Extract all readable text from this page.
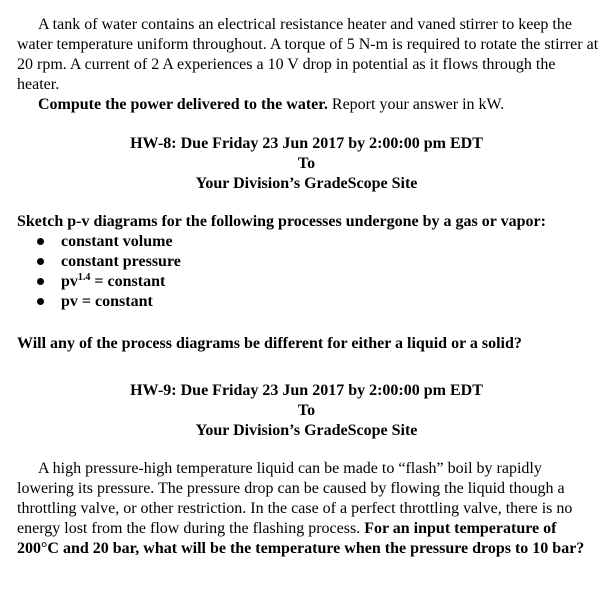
A tank of water contains an electrical resistance heater and vaned stirrer to keep the water temperature uniform throughout. A torque of 5 N-m is required to rotate the stirrer at 20 rpm. A current of 2 A experiences a 10 V drop in potential as it flows through the heater.

Compute the power delivered to the water. Report your answer in kW.

HW-8: Due Friday 23 Jun 2017 by 2:00:00 pm EDT
To
Your Division’s GradeScope Site

Sketch p-v diagrams for the following processes undergone by a gas or vapor:

constant volume
constant pressure
$pv^{1.4}$ = constant
pv = constant

Will any of the process diagrams be different for either a liquid or a solid?

HW-9: Due Friday 23 Jun 2017 by 2:00:00 pm EDT
To
Your Division’s GradeScope Site

A high pressure-high temperature liquid can be made to “flash” boil by rapidly lowering its pressure. The pressure drop can be caused by flowing the liquid though a throttling valve, or other restriction. In the case of a perfect throttling valve, there is no energy lost from the flow during the flashing process. For an input temperature of 200°C and 20 bar, what will be the temperature when the pressure drops to 10 bar?
